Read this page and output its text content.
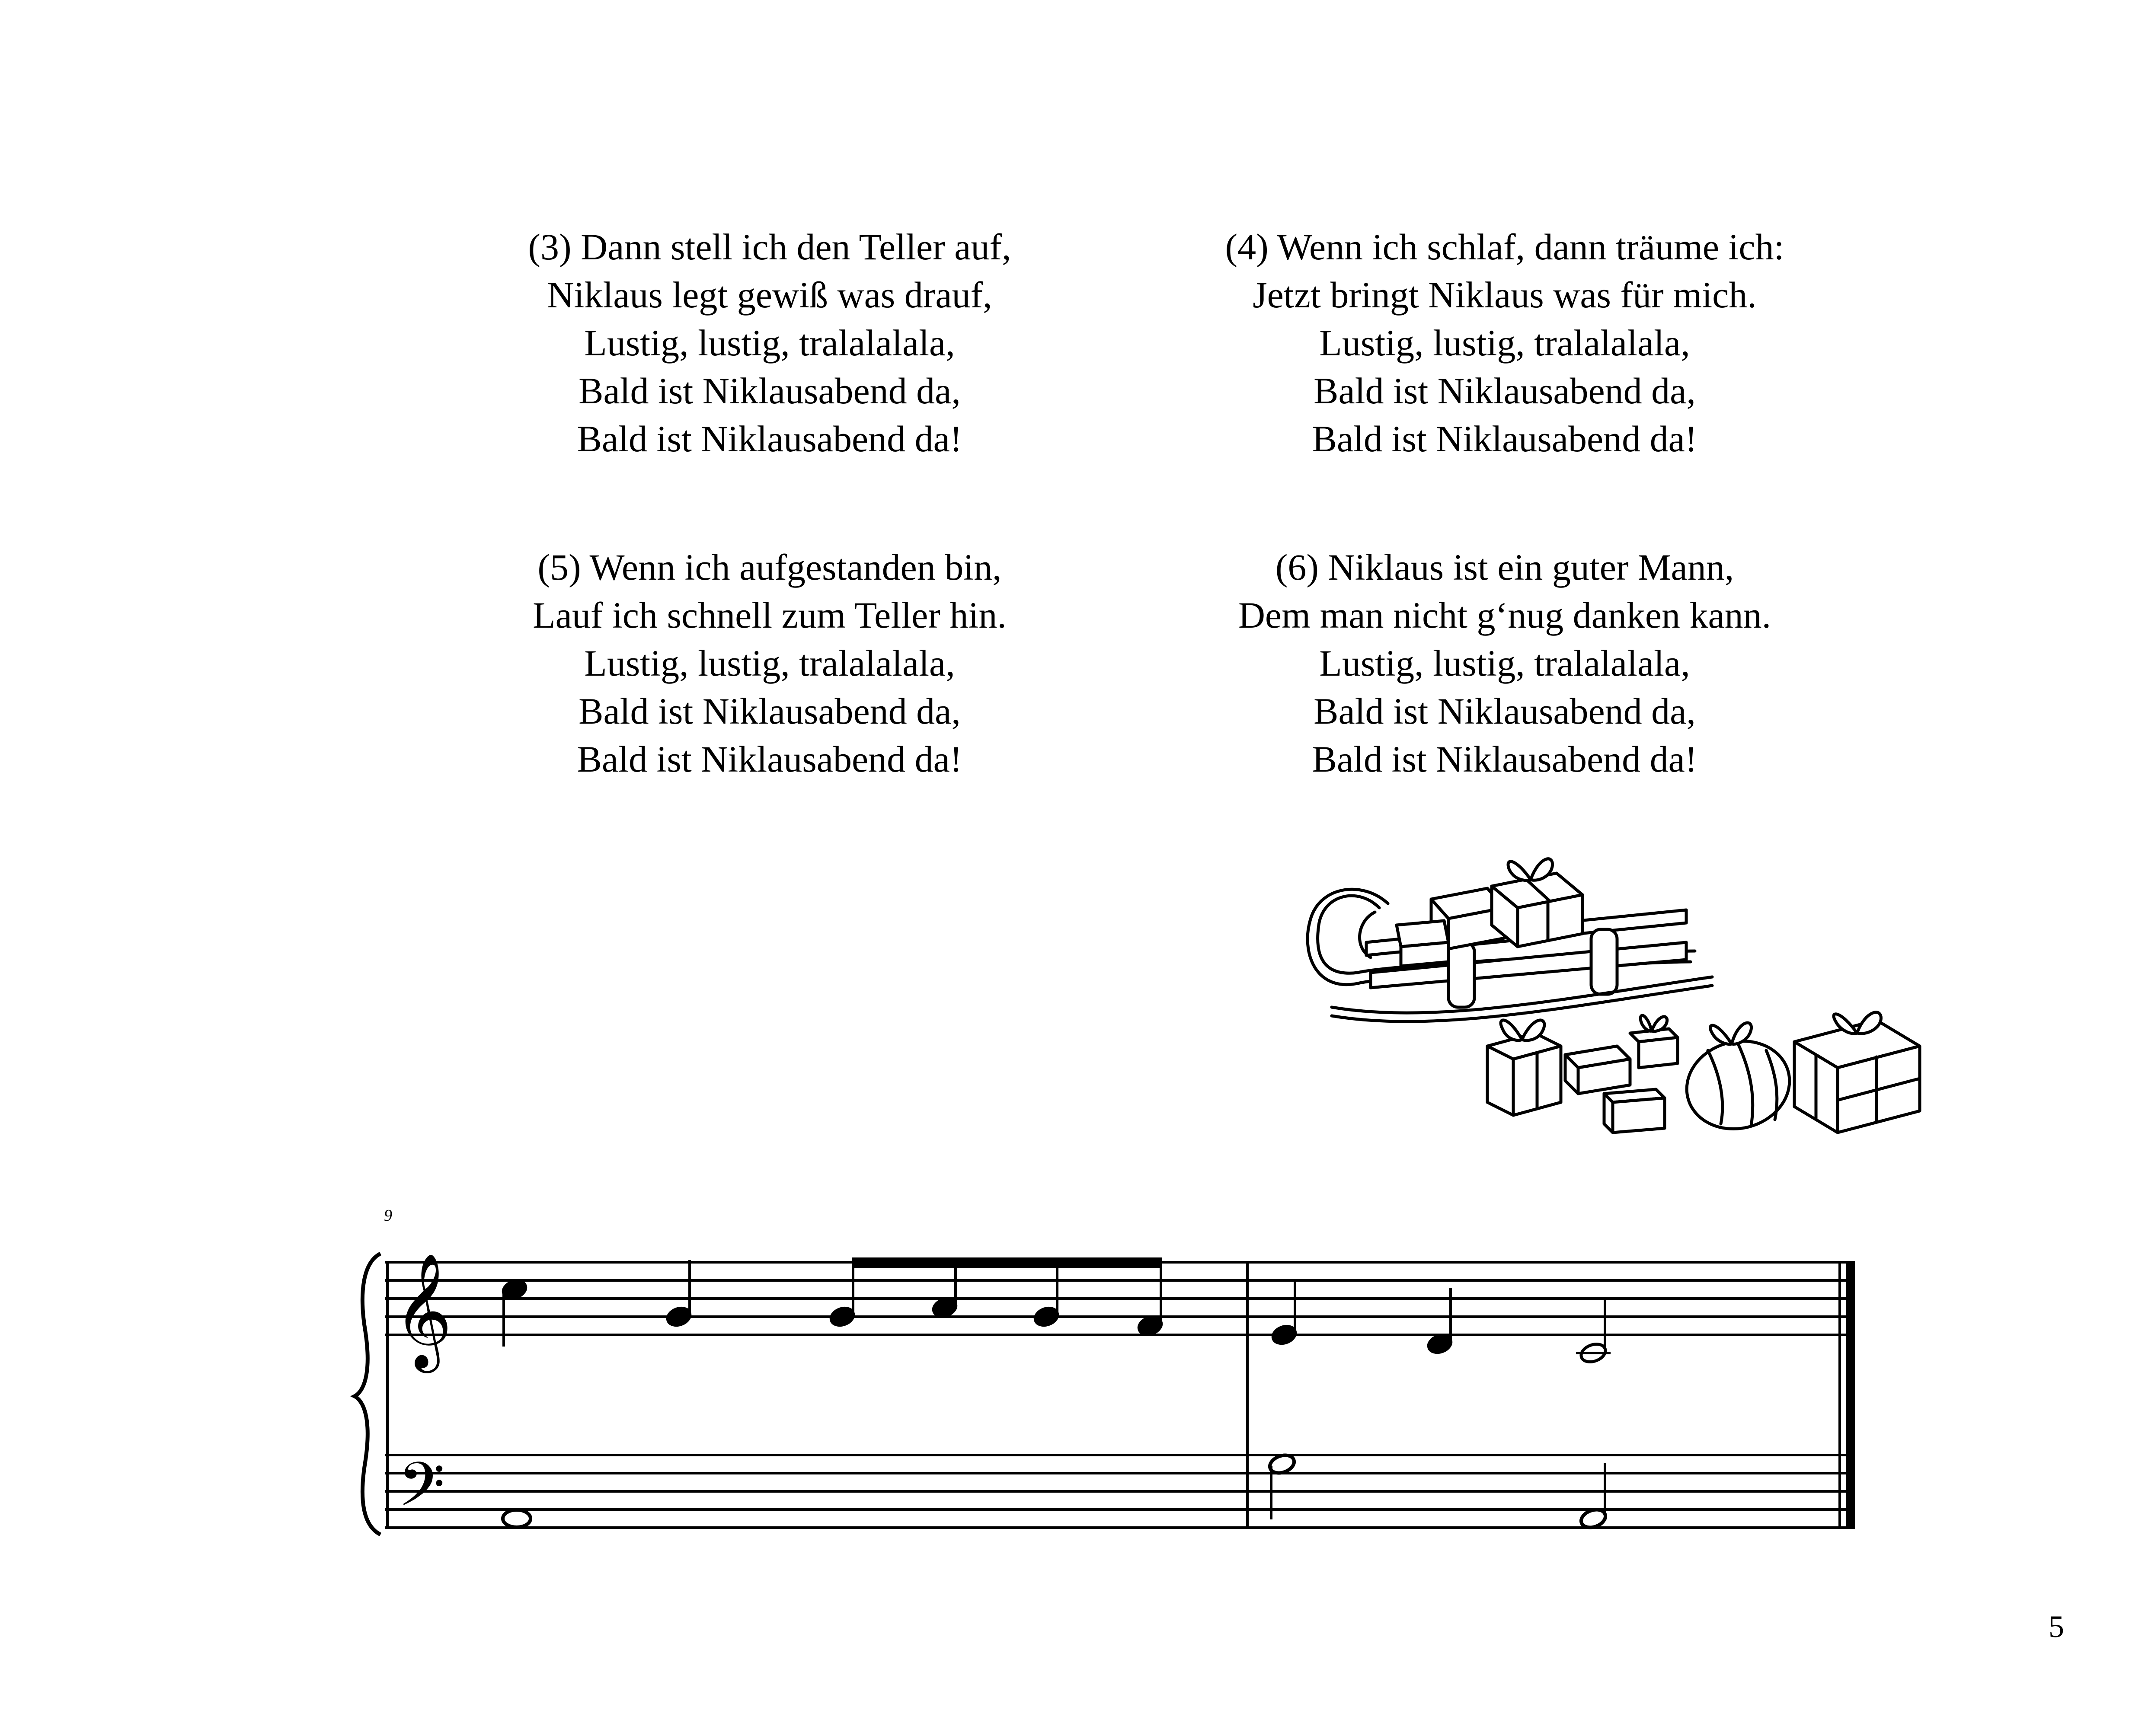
(3) Dann stell ich den Teller auf,
Niklaus legt gewiß was drauf,
Lustig, lustig, tralalalala,
Bald ist Niklausabend da,
Bald ist Niklausabend da!
(4) Wenn ich schlaf, dann träume ich:
Jetzt bringt Niklaus was für mich.
Lustig, lustig, tralalalala,
Bald ist Niklausabend da,
Bald ist Niklausabend da!
(5) Wenn ich aufgestanden bin,
Lauf ich schnell zum Teller hin.
Lustig, lustig, tralalalala,
Bald ist Niklausabend da,
Bald ist Niklausabend da!
(6) Niklaus ist ein guter Mann,
Dem man nicht g‘nug danken kann.
Lustig, lustig, tralalalala,
Bald ist Niklausabend da,
Bald ist Niklausabend da!
𝄞
𝄢
9
5
